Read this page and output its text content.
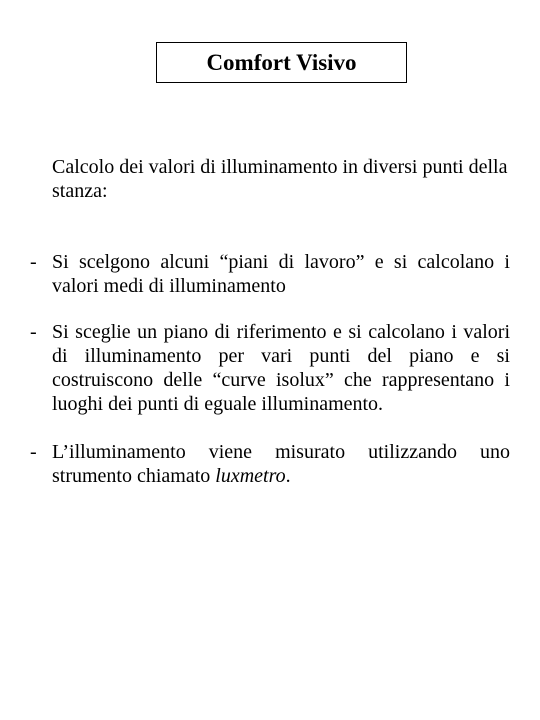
Comfort Visivo
Calcolo dei valori di illuminamento in diversi punti della stanza:
- Si scelgono alcuni “piani di lavoro” e si calcolano i valori medi di illuminamento
- Si sceglie un piano di riferimento e si calcolano i valori di illuminamento per vari punti del piano e si costruiscono delle “curve isolux” che rappresentano i luoghi dei punti di eguale illuminamento.
- L’illuminamento viene misurato utilizzando uno strumento chiamato luxmetro.
